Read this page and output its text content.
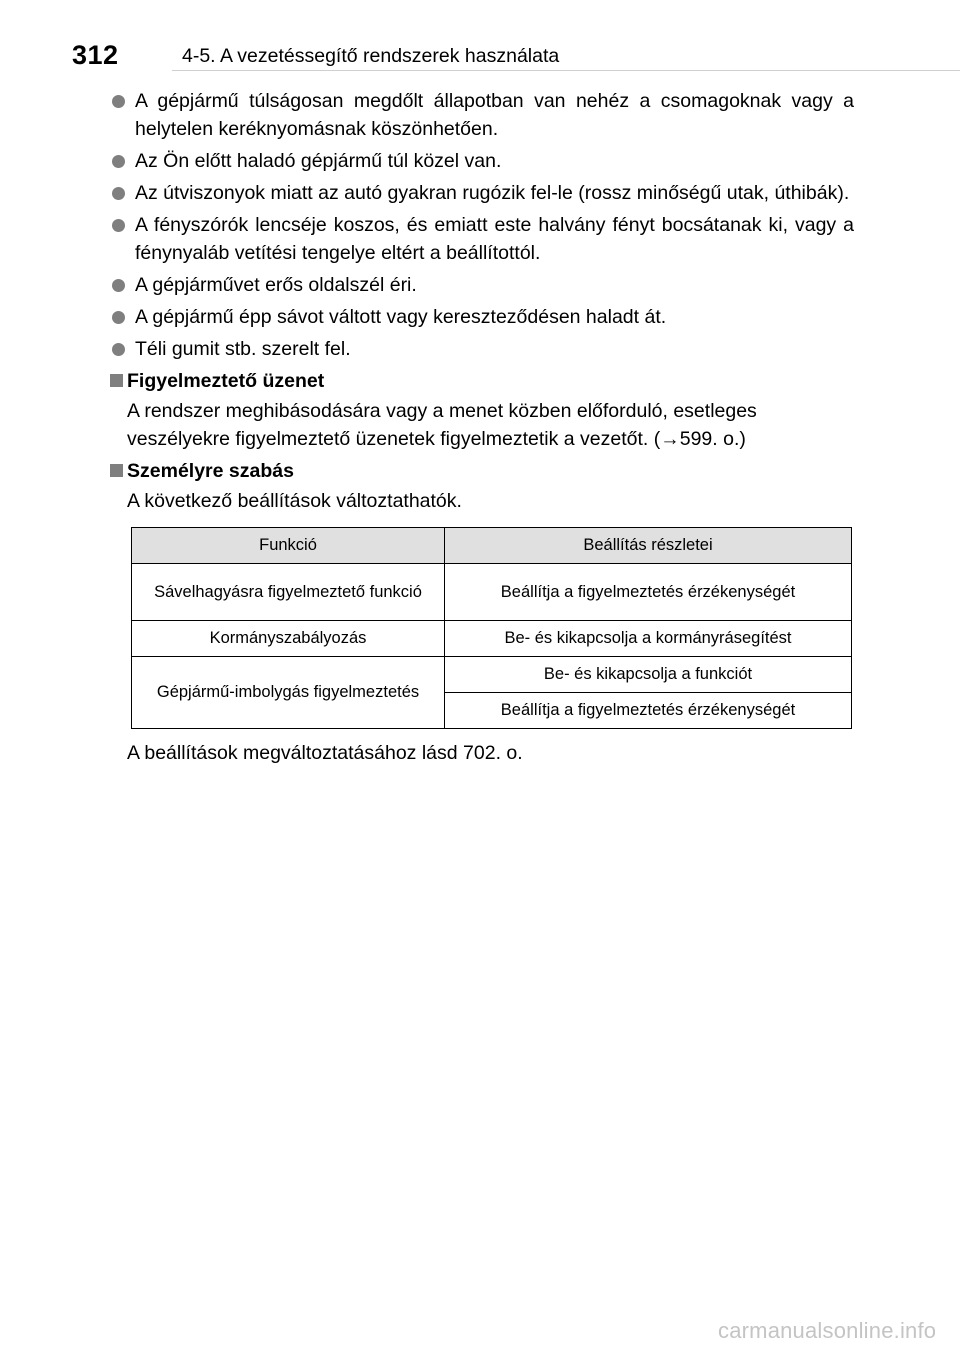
312	4-5. A vezetéssegítő rendszerek használata
A gépjármű túlságosan megdőlt állapotban van nehéz a csomagoknak vagy a helytelen keréknyomásnak köszönhetően.
Az Ön előtt haladó gépjármű túl közel van.
Az útviszonyok miatt az autó gyakran rugózik fel-le (rossz minőségű utak, úthibák).
A fényszórók lencséje koszos, és emiatt este halvány fényt bocsátanak ki, vagy a fénynyaláb vetítési tengelye eltért a beállítottól.
A gépjárművet erős oldalszél éri.
A gépjármű épp sávot váltott vagy kereszteződésen haladt át.
Téli gumit stb. szerelt fel.
Figyelmeztető üzenet
A rendszer meghibásodására vagy a menet közben előforduló, esetleges veszélyekre figyelmeztető üzenetek figyelmeztetik a vezetőt. (→599. o.)
Személyre szabás
A következő beállítások változtathatók.
Funkció	Beállítás részletei
Sávelhagyásra figyelmeztető funkció	Beállítja a figyelmeztetés érzékenységét
Kormányszabályozás	Be- és kikapcsolja a kormányrásegítést
Gépjármű-imbolygás figyelmeztetés	Be- és kikapcsolja a funkciót
	Beállítja a figyelmeztetés érzékenységét
A beállítások megváltoztatásához lásd 702. o.
carmanualsonline.info
